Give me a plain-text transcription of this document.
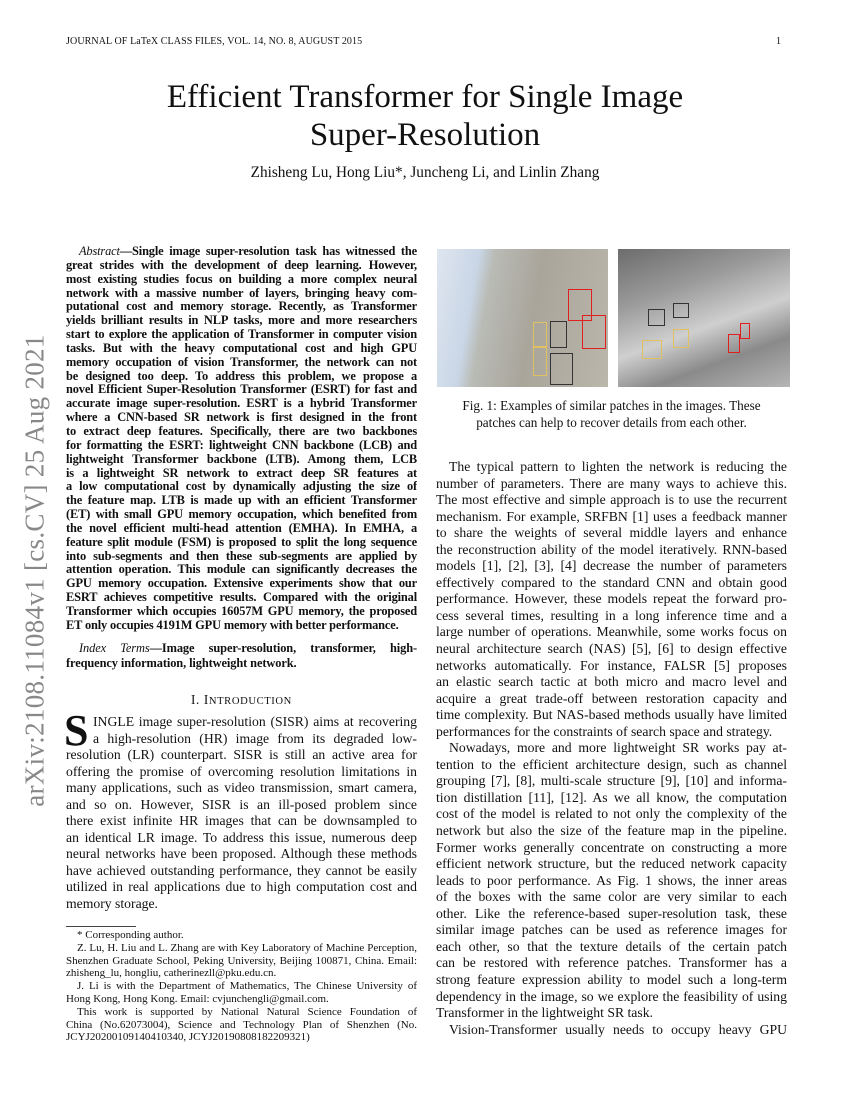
JOURNAL OF LaTeX CLASS FILES, VOL. 14, NO. 8, AUGUST 2015	1
Efficient Transformer for Single Image
Super-Resolution
Zhisheng Lu, Hong Liu*, Juncheng Li, and Linlin Zhang
arXiv:2108.11084v1 [cs.CV] 25 Aug 2021
Abstract—Single image super-resolution task has witnessed the
great strides with the development of deep learning. However,
most existing studies focus on building a more complex neural
network with a massive number of layers, bringing heavy com-
putational cost and memory storage. Recently, as Transformer
yields brilliant results in NLP tasks, more and more researchers
start to explore the application of Transformer in computer vision
tasks. But with the heavy computational cost and high GPU
memory occupation of vision Transformer, the network can not
be designed too deep. To address this problem, we propose a
novel Efficient Super-Resolution Transformer (ESRT) for fast and
accurate image super-resolution. ESRT is a hybrid Transformer
where a CNN-based SR network is first designed in the front
to extract deep features. Specifically, there are two backbones
for formatting the ESRT: lightweight CNN backbone (LCB) and
lightweight Transformer backbone (LTB). Among them, LCB
is a lightweight SR network to extract deep SR features at
a low computational cost by dynamically adjusting the size of
the feature map. LTB is made up with an efficient Transformer
(ET) with small GPU memory occupation, which benefited from
the novel efficient multi-head attention (EMHA). In EMHA, a
feature split module (FSM) is proposed to split the long sequence
into sub-segments and then these sub-segments are applied by
attention operation. This module can significantly decreases the
GPU memory occupation. Extensive experiments show that our
ESRT achieves competitive results. Compared with the original
Transformer which occupies 16057M GPU memory, the proposed
ET only occupies 4191M GPU memory with better performance.
Index Terms—Image super-resolution, transformer, high-
frequency information, lightweight network.
I. INTRODUCTION
S INGLE image super-resolution (SISR) aims at recovering
a high-resolution (HR) image from its degraded low-
resolution (LR) counterpart. SISR is still an active area for
offering the promise of overcoming resolution limitations in
many applications, such as video transmission, smart camera,
and so on. However, SISR is an ill-posed problem since
there exist infinite HR images that can be downsampled to
an identical LR image. To address this issue, numerous deep
neural networks have been proposed. Although these methods
have achieved outstanding performance, they cannot be easily
utilized in real applications due to high computation cost and
memory storage.
* Corresponding author.
Z. Lu, H. Liu and L. Zhang are with Key Laboratory of Machine Perception,
Shenzhen Graduate School, Peking University, Beijing 100871, China. Email:
zhisheng_lu, hongliu, catherinezll@pku.edu.cn.
J. Li is with the Department of Mathematics, The Chinese University of
Hong Kong, Hong Kong. Email: cvjunchengli@gmail.com.
This work is supported by National Natural Science Foundation of
China (No.62073004), Science and Technology Plan of Shenzhen (No.
JCYJ20200109140410340, JCYJ20190808182209321)
Fig. 1: Examples of similar patches in the images. These
patches can help to recover details from each other.
The typical pattern to lighten the network is reducing the
number of parameters. There are many ways to achieve this.
The most effective and simple approach is to use the recurrent
mechanism. For example, SRFBN [1] uses a feedback manner
to share the weights of several middle layers and enhance
the reconstruction ability of the model iteratively. RNN-based
models [1], [2], [3], [4] decrease the number of parameters
effectively compared to the standard CNN and obtain good
performance. However, these models repeat the forward pro-
cess several times, resulting in a long inference time and a
large number of operations. Meanwhile, some works focus on
neural architecture search (NAS) [5], [6] to design effective
networks automatically. For instance, FALSR [5] proposes
an elastic search tactic at both micro and macro level and
acquire a great trade-off between restoration capacity and
time complexity. But NAS-based methods usually have limited
performances for the constraints of search space and strategy.
Nowadays, more and more lightweight SR works pay at-
tention to the efficient architecture design, such as channel
grouping [7], [8], multi-scale structure [9], [10] and informa-
tion distillation [11], [12]. As we all know, the computation
cost of the model is related to not only the complexity of the
network but also the size of the feature map in the pipeline.
Former works generally concentrate on constructing a more
efficient network structure, but the reduced network capacity
leads to poor performance. As Fig. 1 shows, the inner areas
of the boxes with the same color are very similar to each
other. Like the reference-based super-resolution task, these
similar image patches can be used as reference images for
each other, so that the texture details of the certain patch
can be restored with reference patches. Transformer has a
strong feature expression ability to model such a long-term
dependency in the image, so we explore the feasibility of using
Transformer in the lightweight SR task.
Vision-Transformer usually needs to occupy heavy GPU
